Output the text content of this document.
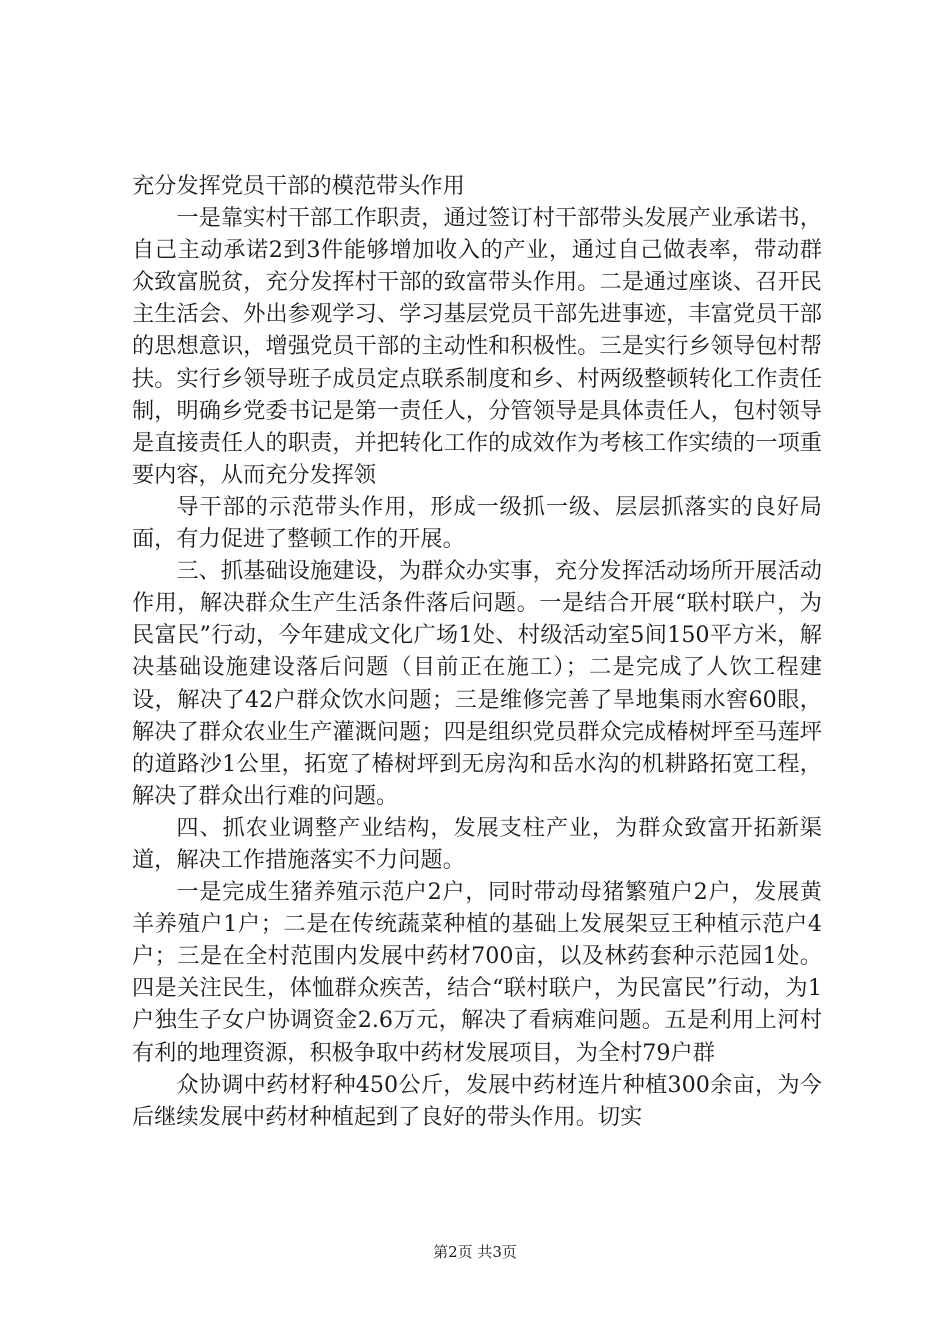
充分发挥党员干部的模范带头作用

一是靠实村干部工作职责，通过签订村干部带头发展产业承诺书，自己主动承诺2到3件能够增加收入的产业，通过自己做表率，带动群众致富脱贫，充分发挥村干部的致富带头作用。二是通过座谈、召开民主生活会、外出参观学习、学习基层党员干部先进事迹，丰富党员干部的思想意识，增强党员干部的主动性和积极性。三是实行乡领导包村帮扶。实行乡领导班子成员定点联系制度和乡、村两级整顿转化工作责任制，明确乡党委书记是第一责任人，分管领导是具体责任人，包村领导是直接责任人的职责，并把转化工作的成效作为考核工作实绩的一项重要内容，从而充分发挥领

导干部的示范带头作用，形成一级抓一级、层层抓落实的良好局面，有力促进了整顿工作的开展。

三、抓基础设施建设，为群众办实事，充分发挥活动场所开展活动作用，解决群众生产生活条件落后问题。一是结合开展“联村联户，为民富民”行动，今年建成文化广场1处、村级活动室5间150平方米，解决基础设施建设落后问题（目前正在施工）；二是完成了人饮工程建设，解决了42户群众饮水问题；三是维修完善了旱地集雨水窖60眼，解决了群众农业生产灌溉问题；四是组织党员群众完成椿树坪至马莲坪的道路沙1公里，拓宽了椿树坪到无房沟和岳水沟的机耕路拓宽工程，解决了群众出行难的问题。

四、抓农业调整产业结构，发展支柱产业，为群众致富开拓新渠道，解决工作措施落实不力问题。

一是完成生猪养殖示范户2户，同时带动母猪繁殖户2户，发展黄羊养殖户1户；二是在传统蔬菜种植的基础上发展架豆王种植示范户4户；三是在全村范围内发展中药材700亩，以及林药套种示范园1处。四是关注民生，体恤群众疾苦，结合“联村联户，为民富民”行动，为1户独生子女户协调资金2.6万元，解决了看病难问题。五是利用上河村有利的地理资源，积极争取中药材发展项目，为全村79户群

众协调中药材籽种450公斤，发展中药材连片种植300余亩，为今后继续发展中药材种植起到了良好的带头作用。切实

第2页 共3页
